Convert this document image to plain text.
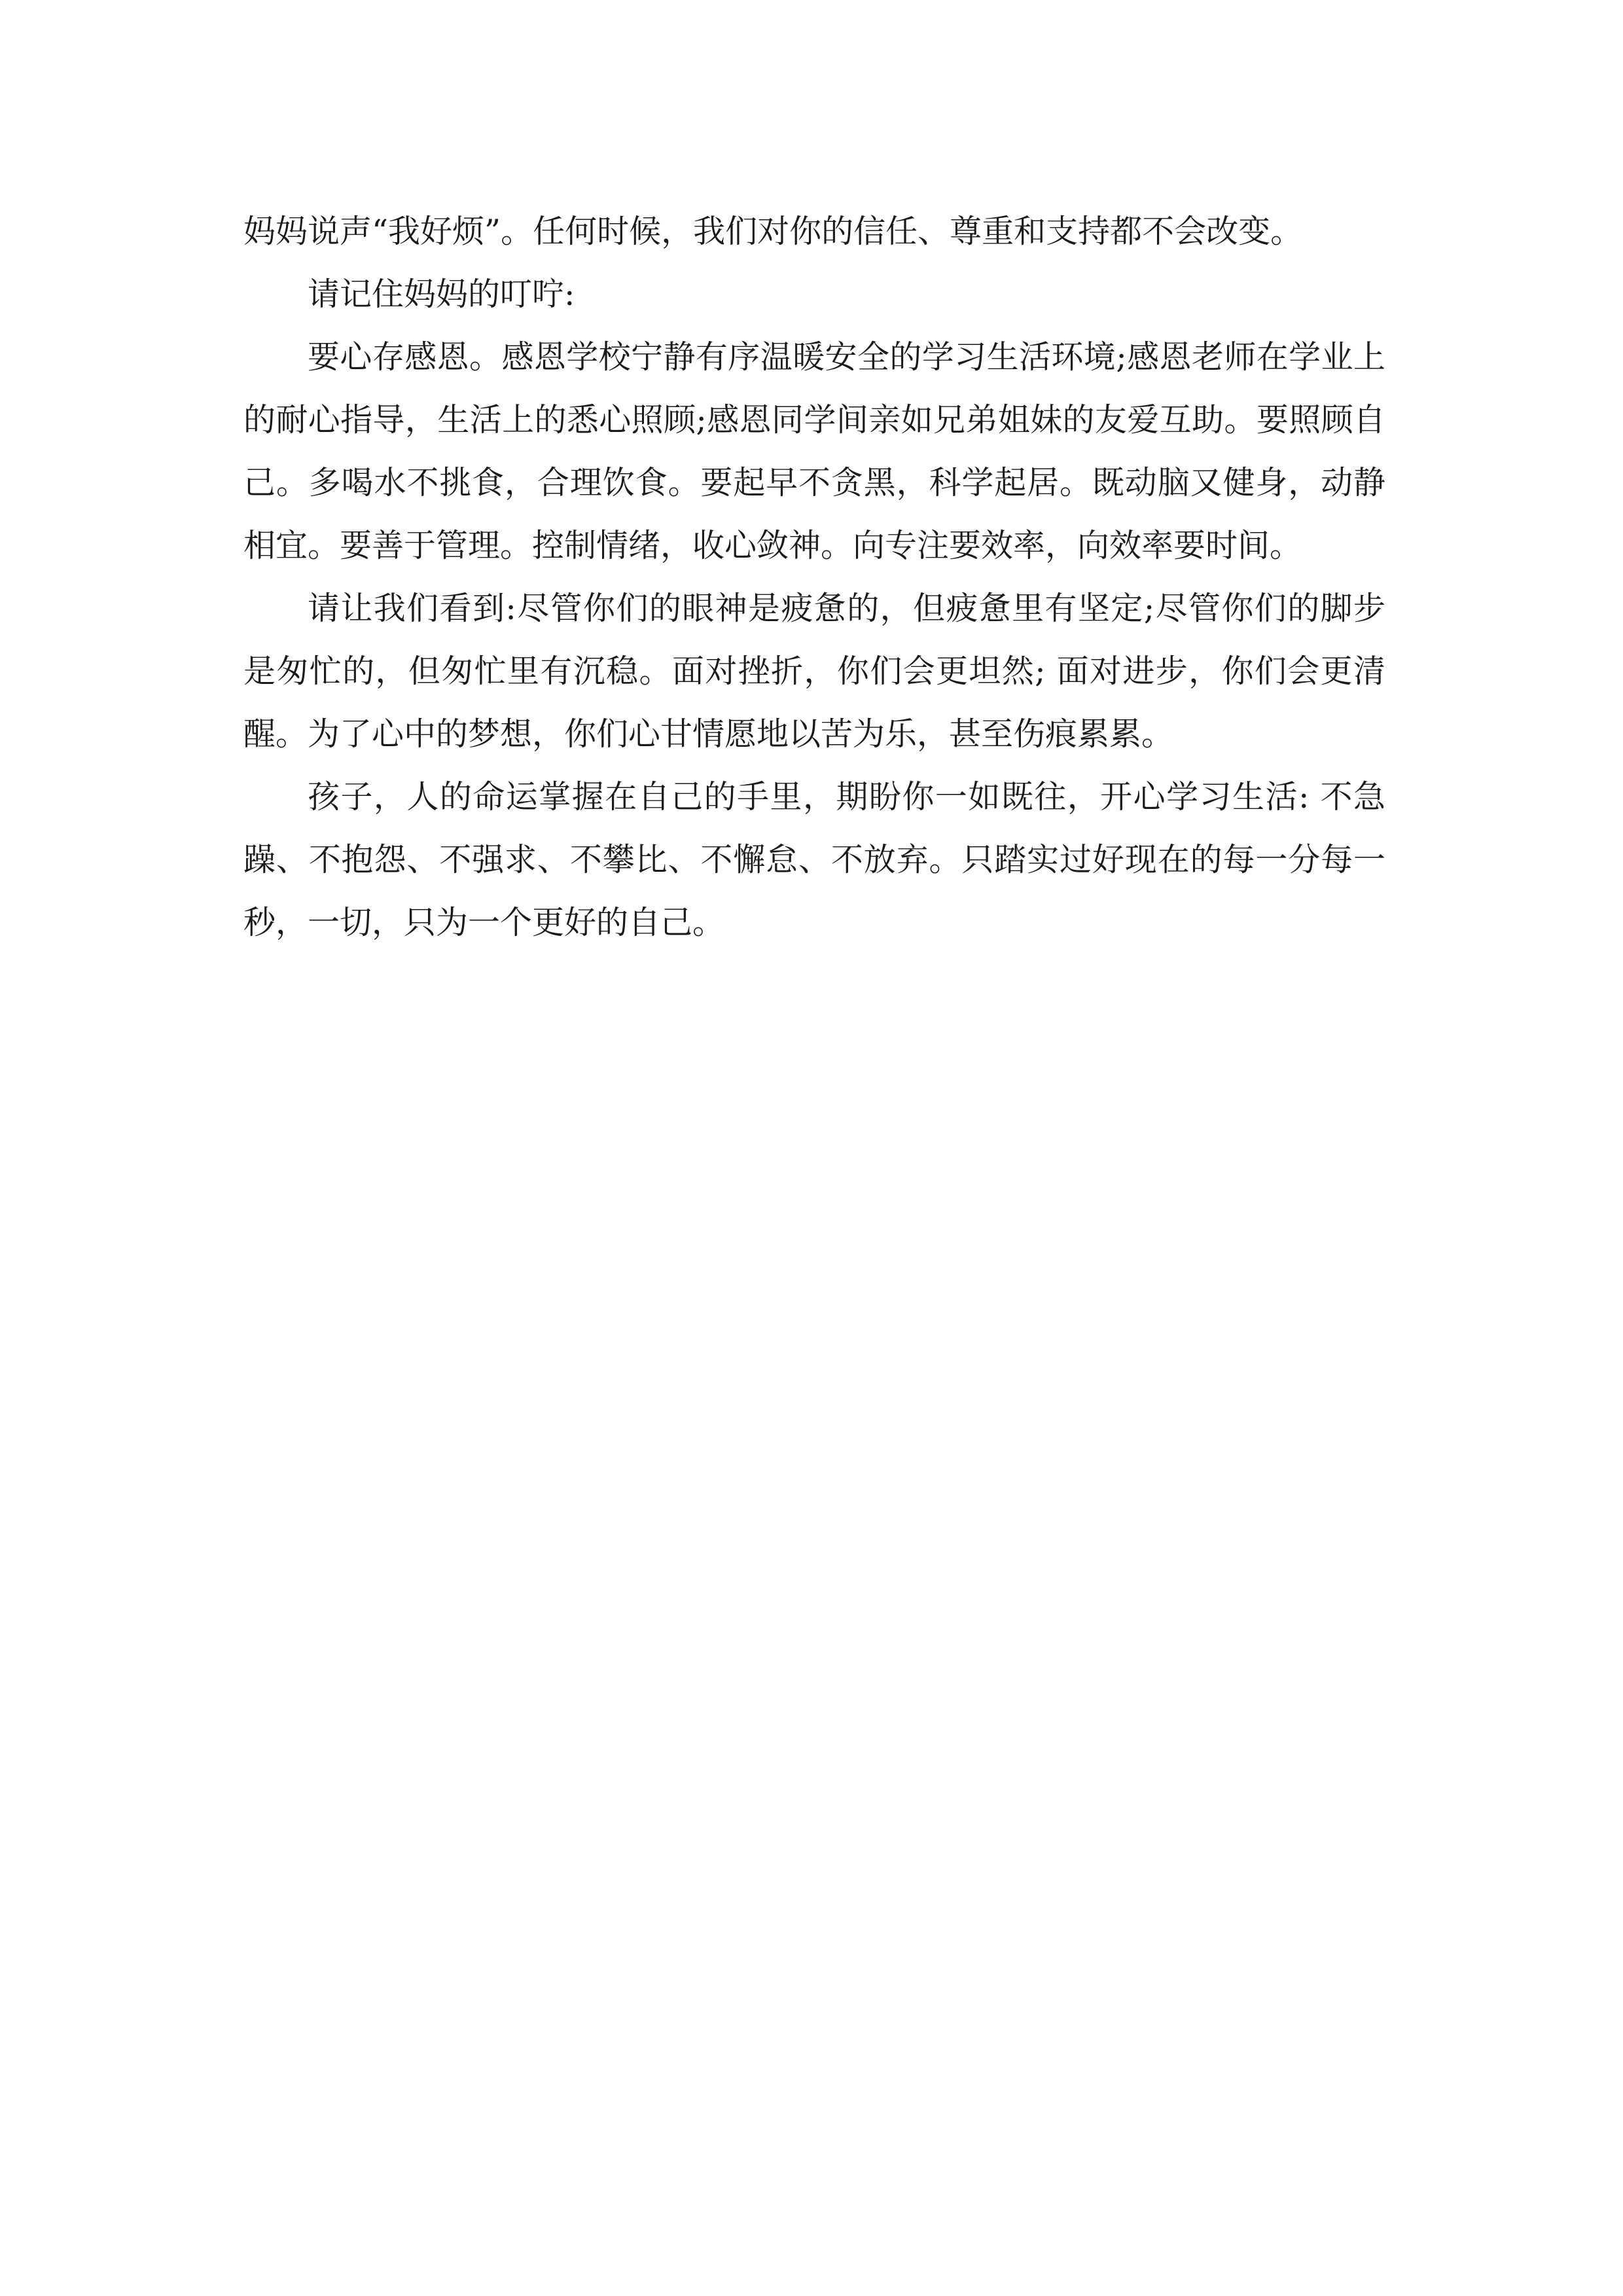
妈妈说声“我好烦”。任何时候，我们对你的信任、尊重和支持都不会改变。

请记住妈妈的叮咛:

要心存感恩。感恩学校宁静有序温暖安全的学习生活环境;感恩老师在学业上的耐心指导，生活上的悉心照顾;感恩同学间亲如兄弟姐妹的友爱互助。要照顾自己。多喝水不挑食，合理饮食。要起早不贪黑，科学起居。既动脑又健身，动静相宜。要善于管理。控制情绪，收心敛神。向专注要效率，向效率要时间。

请让我们看到:尽管你们的眼神是疲惫的，但疲惫里有坚定;尽管你们的脚步是匆忙的，但匆忙里有沉稳。面对挫折，你们会更坦然; 面对进步，你们会更清醒。为了心中的梦想，你们心甘情愿地以苦为乐，甚至伤痕累累。

孩子，人的命运掌握在自己的手里，期盼你一如既往，开心学习生活: 不急躁、不抱怨、不强求、不攀比、不懈怠、不放弃。只踏实过好现在的每一分每一秒，一切，只为一个更好的自己。
